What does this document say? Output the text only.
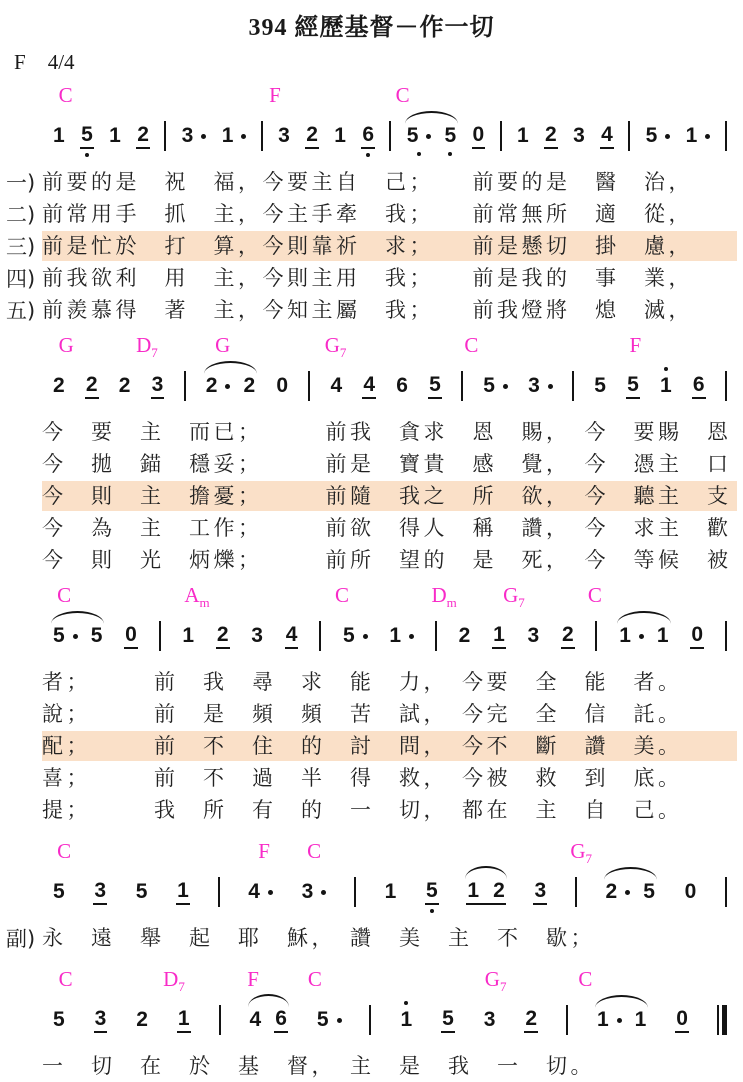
394 經歷基督－作一切
F 4/4
C	F	C
1 5 1 2 3 1 3 2 1 6 5 5 0 1 2 3 4 5 1
一) 前要的是　祝　福，今要主自　己；　　前要的是　醫　治，
二) 前常用手　抓　主，今主手牽　我；　　前常無所　適　從，
三) 前是忙於　打　算，今則靠祈　求；　　前是懸切　掛　慮，
四) 前我欲利　用　主，今則主用　我；　　前是我的　事　業，
五) 前羨慕得　著　主，今知主屬　我；　　前我燈將　熄　滅，
G	$D_7$	G	$G_7$	C	F
2 2 2 3 2 2 0 4 4 6 5 5 3	5 5 1 6
今　要　主　而已；　　　前我　貪求　恩　賜，　今　要賜　恩
今　拋　錨　穩妥；　　　前是　寶貴　感　覺，　今　憑主　口
今　則　主　擔憂；　　　前隨　我之　所　欲，　今　聽主　支
今　為　主　工作；　　　前欲　得人　稱　讚，　今　求主　歡
今　則　光　炳爍；　　　前所　望的　是　死，　今　等候　被
C	$A_m$	C	$D_m$ $G_7$	C
5 5 0 1 2 3 4 5 1	2 1 3 2 1 1 0
者；　　　前　我　尋　求　能　力，　今要　全　能　者。
說；　　　前　是　頻　頻　苦　試，　今完　全　信　託。
配；　　　前　不　住　的　討　問，　今不　斷　讚　美。
喜；　　　前　不　過　半　得　救，　今被　救　到　底。
提；　　　我　所　有　的　一　切，　都在　主　自　己。
C	F C	$G_7$
5 3 5 1	4 3	1 5 1 2 3	2 5 0
副) 永　遠　舉　起　耶　穌，　讚　美　主　不　歇；
C	$D_7$	F C	$G_7$	C
5 3 2 1	4 6 5	1 5 3 2	1 1 0
一　切　在　於　基　督，　主　是　我　一　切。
